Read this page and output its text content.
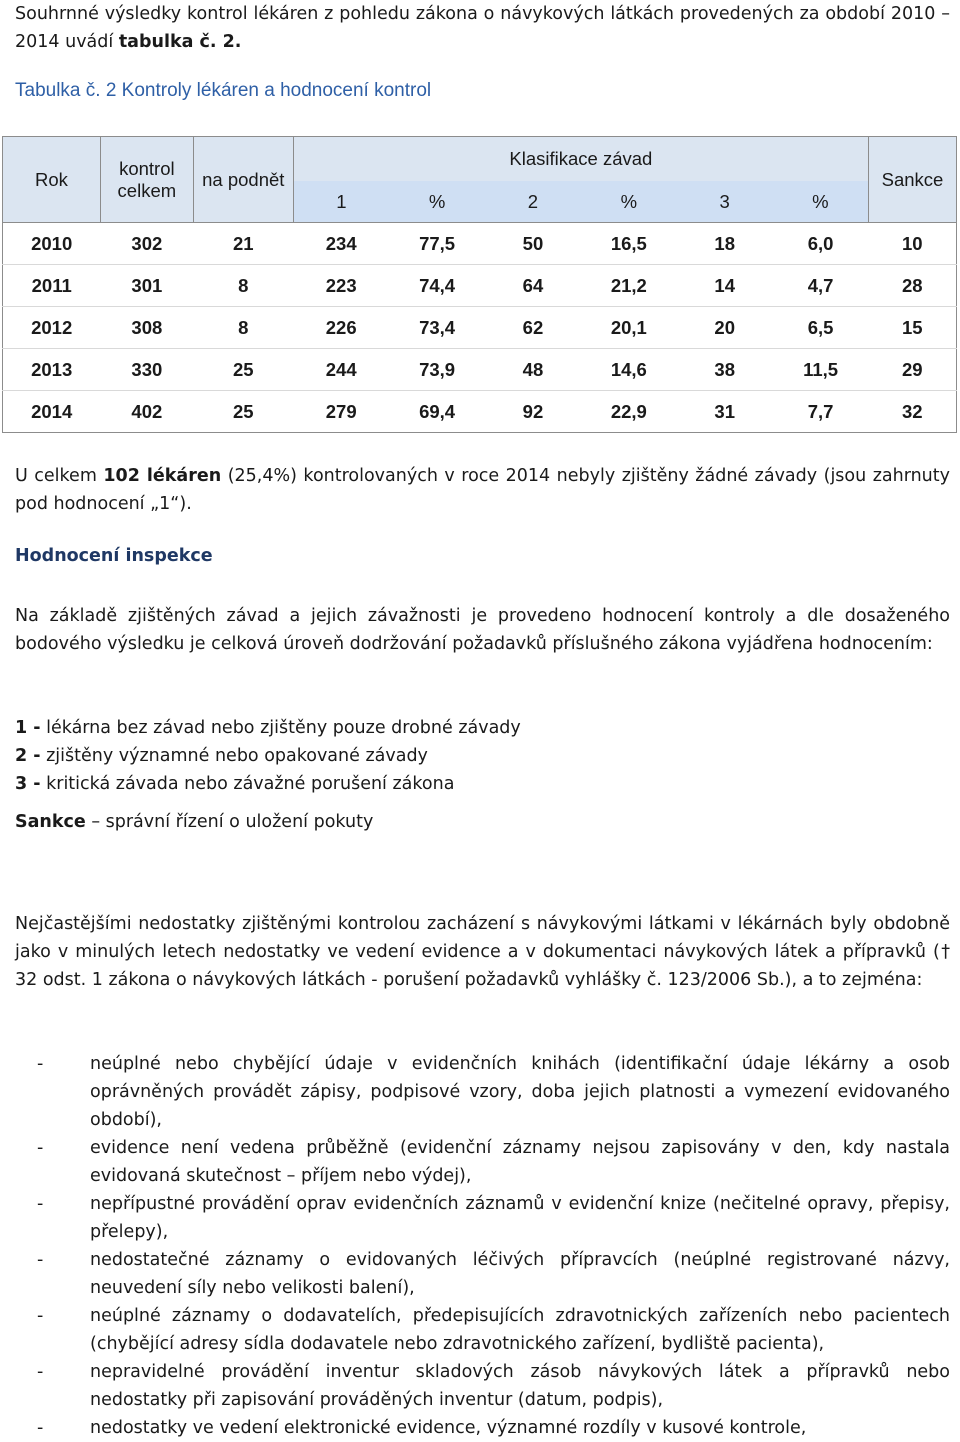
Souhrnné výsledky kontrol lékáren z pohledu zákona o návykových látkách provedených za období 2010 – 2014 uvádí tabulka č. 2.

Tabulka č. 2 Kontroly lékáren a hodnocení kontrol

Rok	kontrol celkem	na podnět	Klasifikace závad						Sankce
			1	%	2	%	3	%	
2010	302	21	234	77,5	50	16,5	18	6,0	10
2011	301	8	223	74,4	64	21,2	14	4,7	28
2012	308	8	226	73,4	62	20,1	20	6,5	15
2013	330	25	244	73,9	48	14,6	38	11,5	29
2014	402	25	279	69,4	92	22,9	31	7,7	32

U celkem 102 lékáren (25,4%) kontrolovaných v roce 2014 nebyly zjištěny žádné závady (jsou zahrnuty pod hodnocení „1“).

Hodnocení inspekce

Na základě zjištěných závad a jejich závažnosti je provedeno hodnocení kontroly a dle dosaženého bodového výsledku je celková úroveň dodržování požadavků příslušného zákona vyjádřena hodnocením:

1 - lékárna bez závad nebo zjištěny pouze drobné závady

2 - zjištěny významné nebo opakované závady

3 - kritická závada nebo závažné porušení zákona

Sankce – správní řízení o uložení pokuty

Nejčastějšími nedostatky zjištěnými kontrolou zacházení s návykovými látkami v lékárnách byly obdobně jako v minulých letech nedostatky ve vedení evidence a v dokumentaci návykových látek a přípravků († 32 odst. 1 zákona o návykových látkách - porušení požadavků vyhlášky č. 123/2006 Sb.), a to zejména:

-	neúplné nebo chybějící údaje v evidenčních knihách (identifikační údaje lékárny a osob oprávněných provádět zápisy, podpisové vzory, doba jejich platnosti a vymezení evidovaného období),

-	evidence není vedena průběžně (evidenční záznamy nejsou zapisovány v den, kdy nastala evidovaná skutečnost – příjem nebo výdej),

-	nepřípustné provádění oprav evidenčních záznamů v evidenční knize (nečitelné opravy, přepisy, přelepy),

-	nedostatečné záznamy o evidovaných léčivých přípravcích (neúplné registrované názvy, neuvedení síly nebo velikosti balení),

-	neúplné záznamy o dodavatelích, předepisujících zdravotnických zařízeních nebo pacientech (chybějící adresy sídla dodavatele nebo zdravotnického zařízení, bydliště pacienta),

-	nepravidelné provádění inventur skladových zásob návykových látek a přípravků nebo nedostatky při zapisování prováděných inventur (datum, podpis),

-	nedostatky ve vedení elektronické evidence, významné rozdíly v kusové kontrole,
